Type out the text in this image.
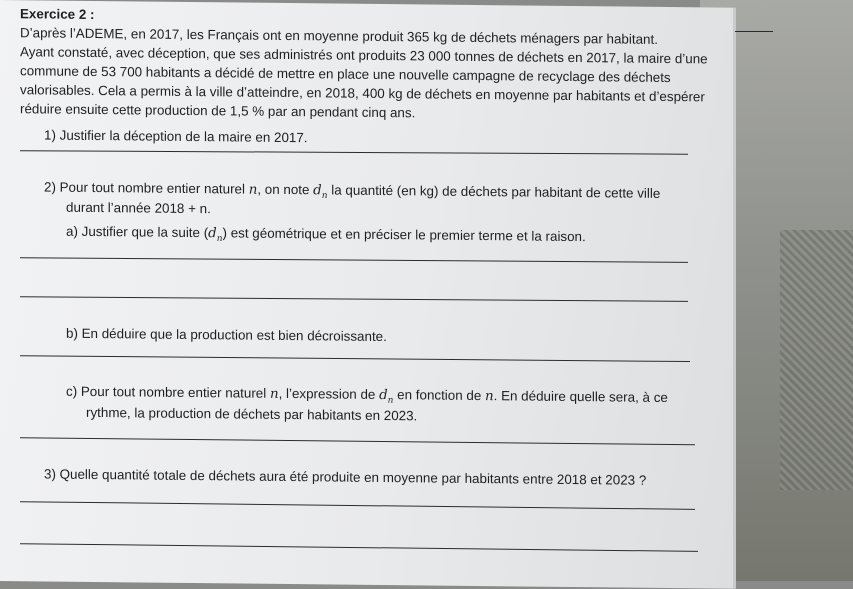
Exercice 2 :
D’après l’ADEME, en 2017, les Français ont en moyenne produit 365 kg de déchets ménagers par habitant.
Ayant constaté, avec déception, que ses administrés ont produits 23 000 tonnes de déchets en 2017, la maire d’une
commune de 53 700 habitants a décidé de mettre en place une nouvelle campagne de recyclage des déchets
valorisables. Cela a permis à la ville d’atteindre, en 2018, 400 kg de déchets en moyenne par habitants et d’espérer
réduire ensuite cette production de 1,5 % par an pendant cinq ans.
1) Justifier la déception de la maire en 2017.
2) Pour tout nombre entier naturel n, on note $d_n$ la quantité (en kg) de déchets par habitant de cette ville
durant l’année 2018 + n.
a) Justifier que la suite $(d_n)$ est géométrique et en préciser le premier terme et la raison.
b) En déduire que la production est bien décroissante.
c) Pour tout nombre entier naturel n, l’expression de $d_n$ en fonction de n. En déduire quelle sera, à ce
rythme, la production de déchets par habitants en 2023.
3) Quelle quantité totale de déchets aura été produite en moyenne par habitants entre 2018 et 2023 ?
